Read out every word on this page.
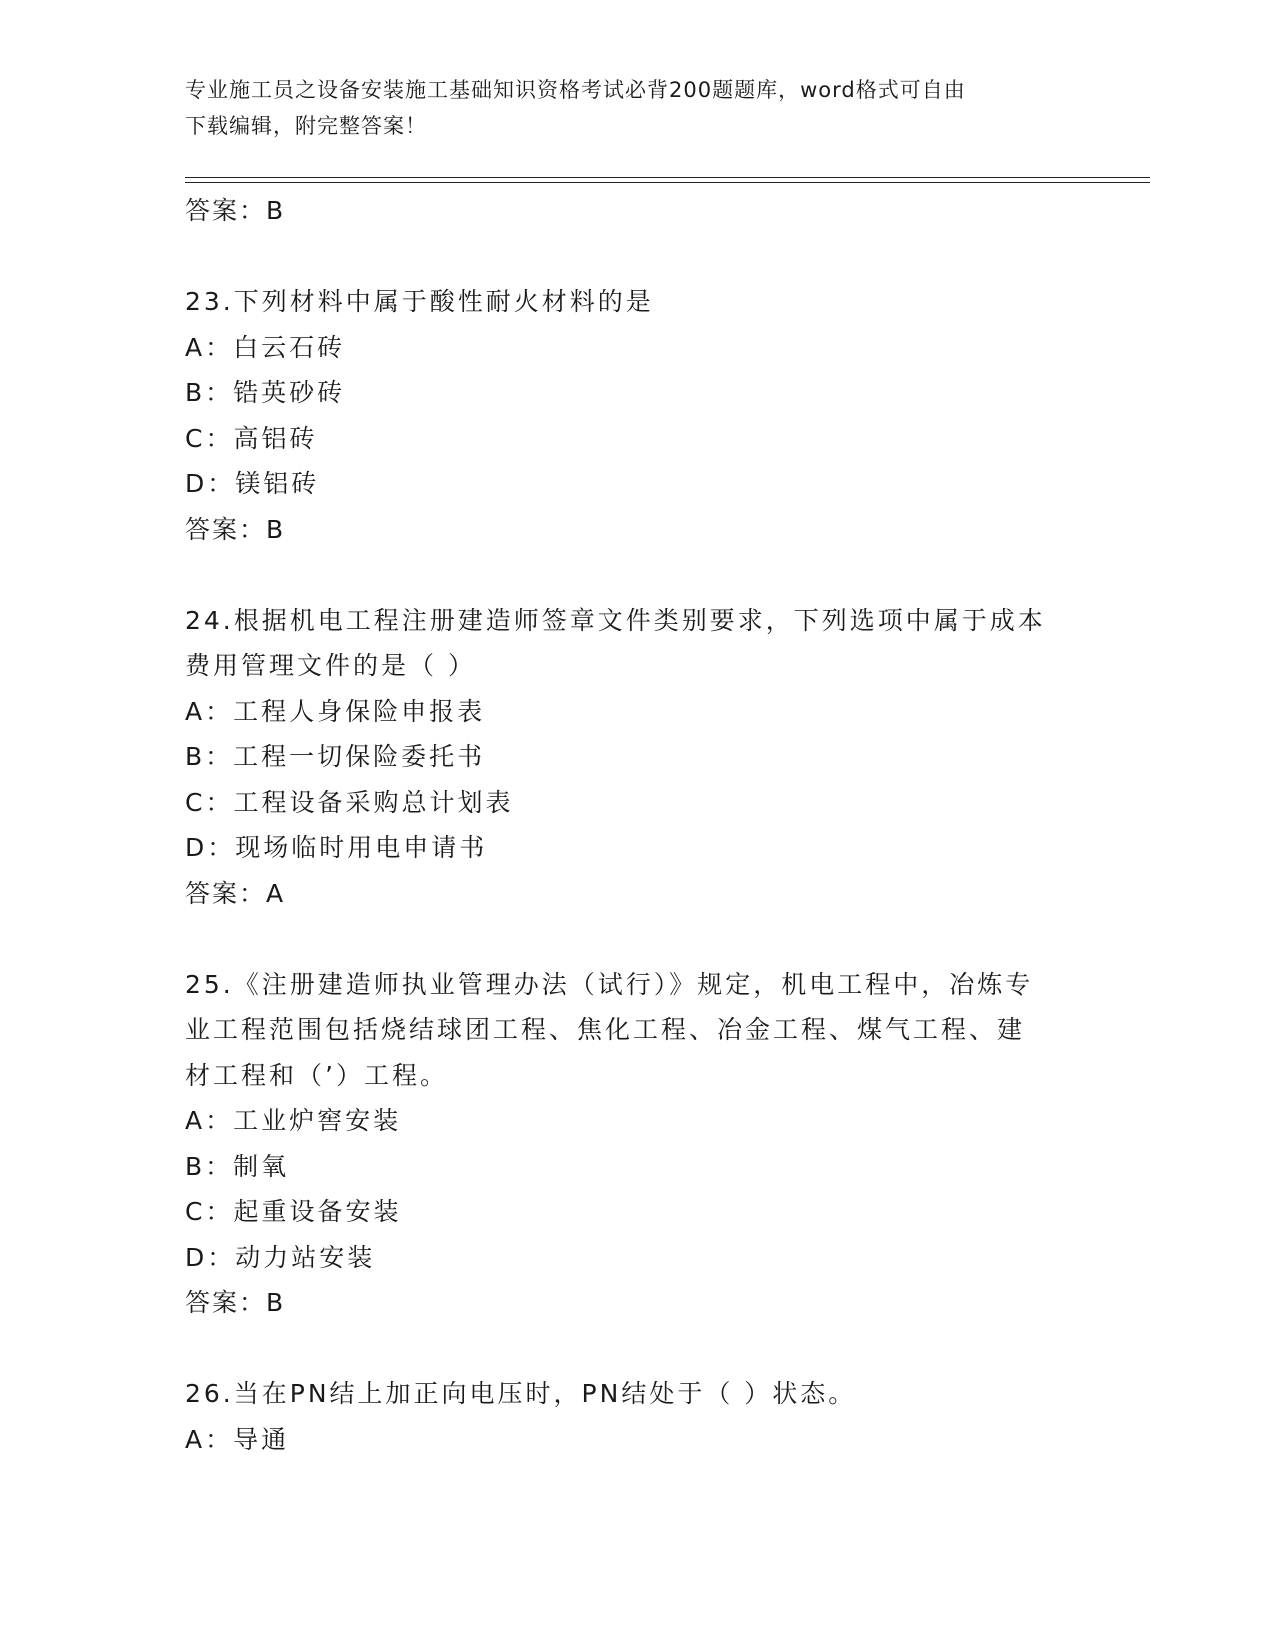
专业施工员之设备安装施工基础知识资格考试必背200题题库，word格式可自由
下载编辑，附完整答案！
答案：B
23.下列材料中属于酸性耐火材料的是
A：白云石砖
B：锆英砂砖
C：高铝砖
D：镁铝砖
答案：B
24.根据机电工程注册建造师签章文件类别要求，下列选项中属于成本
费用管理文件的是（ ）
A：工程人身保险申报表
B：工程一切保险委托书
C：工程设备采购总计划表
D：现场临时用电申请书
答案：A
25.《注册建造师执业管理办法（试行）》规定，机电工程中，冶炼专
业工程范围包括烧结球团工程、焦化工程、冶金工程、煤气工程、建
材工程和（’）工程。
A：工业炉窖安装
B：制氧
C：起重设备安装
D：动力站安装
答案：B
26.当在PN结上加正向电压时，PN结处于（ ）状态。
A：导通
